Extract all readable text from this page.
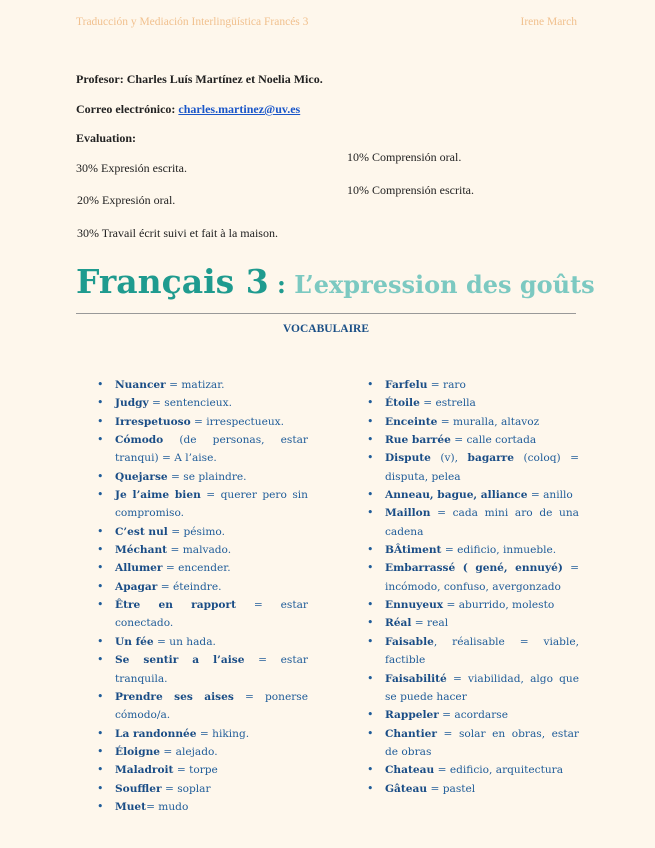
Traducción y Mediación Interlingüística Francés 3	Irene March
Profesor: Charles Luís Martínez et Noelia Mico.
Correo electrónico: charles.martinez@uv.es
Evaluation:
30% Expresión escrita.
20% Expresión oral.
30% Travail écrit suivi et fait à la maison.
10% Comprensión oral.
10% Comprensión escrita.
Français 3 : L’expression des goûts
VOCABULAIRE
• Nuancer = matizar.
• Judgy = sentencieux.
• Irrespetuoso = irrespectueux.
• Cómodo (de personas, estar tranqui) = A l’aise.
• Quejarse = se plaindre.
• Je l’aime bien = querer pero sin compromiso.
• C’est nul = pésimo.
• Méchant = malvado.
• Allumer = encender.
• Apagar = éteindre.
• Être en rapport = estar conectado.
• Un fée = un hada.
• Se sentir a l’aise = estar tranquila.
• Prendre ses aises = ponerse cómodo/a.
• La randonnée = hiking.
• Éloigne = alejado.
• Maladroit = torpe
• Souffler = soplar
• Muet= mudo
• Farfelu = raro
• Étoile = estrella
• Enceinte = muralla, altavoz
• Rue barrée = calle cortada
• Dispute (v), bagarre (coloq) = disputa, pelea
• Anneau, bague, alliance = anillo
• Maillon = cada mini aro de una cadena
• BÂtiment = edificio, inmueble.
• Embarrassé ( gené, ennuyé) = incómodo, confuso, avergonzado
• Ennuyeux = aburrido, molesto
• Réal = real
• Faisable, réalisable = viable, factible
• Faisabilité = viabilidad, algo que se puede hacer
• Rappeler = acordarse
• Chantier = solar en obras, estar de obras
• Chateau = edificio, arquitectura
• Gâteau = pastel
